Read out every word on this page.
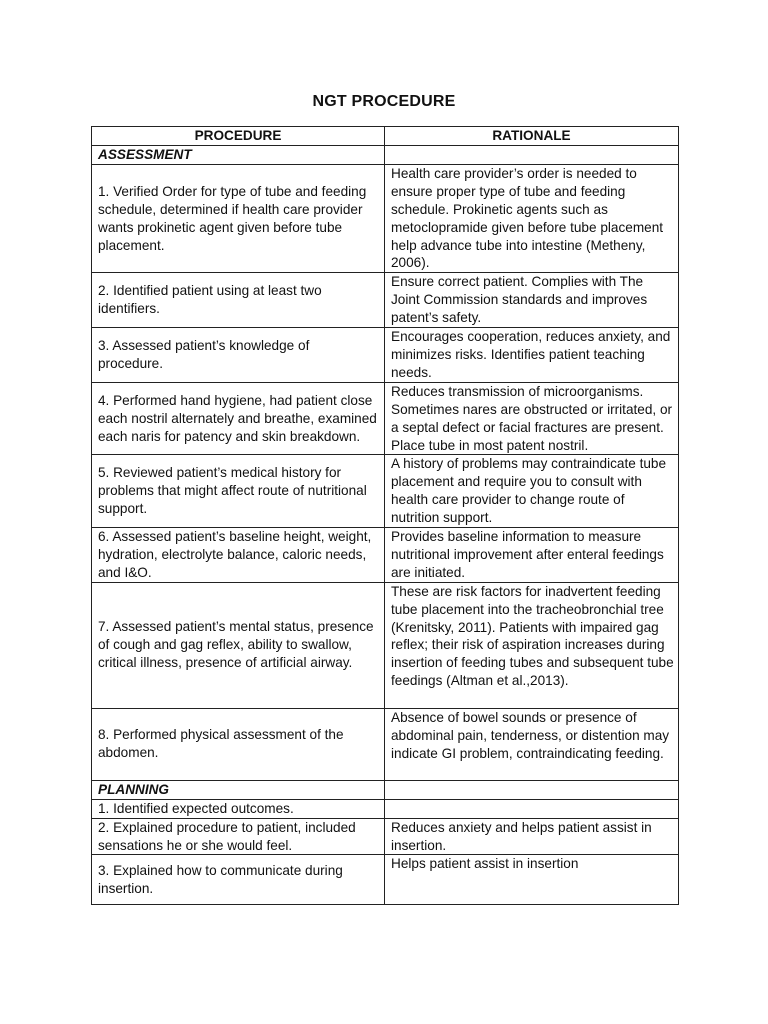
NGT PROCEDURE
PROCEDURE	RATIONALE
ASSESSMENT	
1. Verified Order for type of tube and feeding schedule, determined if health care provider wants prokinetic agent given before tube placement.	Health care provider’s order is needed to ensure proper type of tube and feeding schedule. Prokinetic agents such as metoclopramide given before tube placement help advance tube into intestine (Metheny, 2006).
2. Identified patient using at least two identifiers.	Ensure correct patient. Complies with The Joint Commission standards and improves patent’s safety.
3. Assessed patient’s knowledge of procedure.	Encourages cooperation, reduces anxiety, and minimizes risks. Identifies patient teaching needs.
4. Performed hand hygiene, had patient close each nostril alternately and breathe, examined each naris for patency and skin breakdown.	Reduces transmission of microorganisms. Sometimes nares are obstructed or irritated, or a septal defect or facial fractures are present. Place tube in most patent nostril.
5. Reviewed patient’s medical history for problems that might affect route of nutritional support.	A history of problems may contraindicate tube placement and require you to consult with health care provider to change route of nutrition support.
6. Assessed patient’s baseline height, weight, hydration, electrolyte balance, caloric needs, and I&O.	Provides baseline information to measure nutritional improvement after enteral feedings are initiated.
7. Assessed patient’s mental status, presence of cough and gag reflex, ability to swallow, critical illness, presence of artificial airway.	These are risk factors for inadvertent feeding tube placement into the tracheobronchial tree (Krenitsky, 2011). Patients with impaired gag reflex; their risk of aspiration increases during insertion of feeding tubes and subsequent tube feedings (Altman et al.,2013).
8. Performed physical assessment of the abdomen.	Absence of bowel sounds or presence of abdominal pain, tenderness, or distention may indicate GI problem, contraindicating feeding.
PLANNING	
1. Identified expected outcomes.	
2. Explained procedure to patient, included sensations he or she would feel.	Reduces anxiety and helps patient assist in insertion.
3. Explained how to communicate during insertion.	Helps patient assist in insertion
